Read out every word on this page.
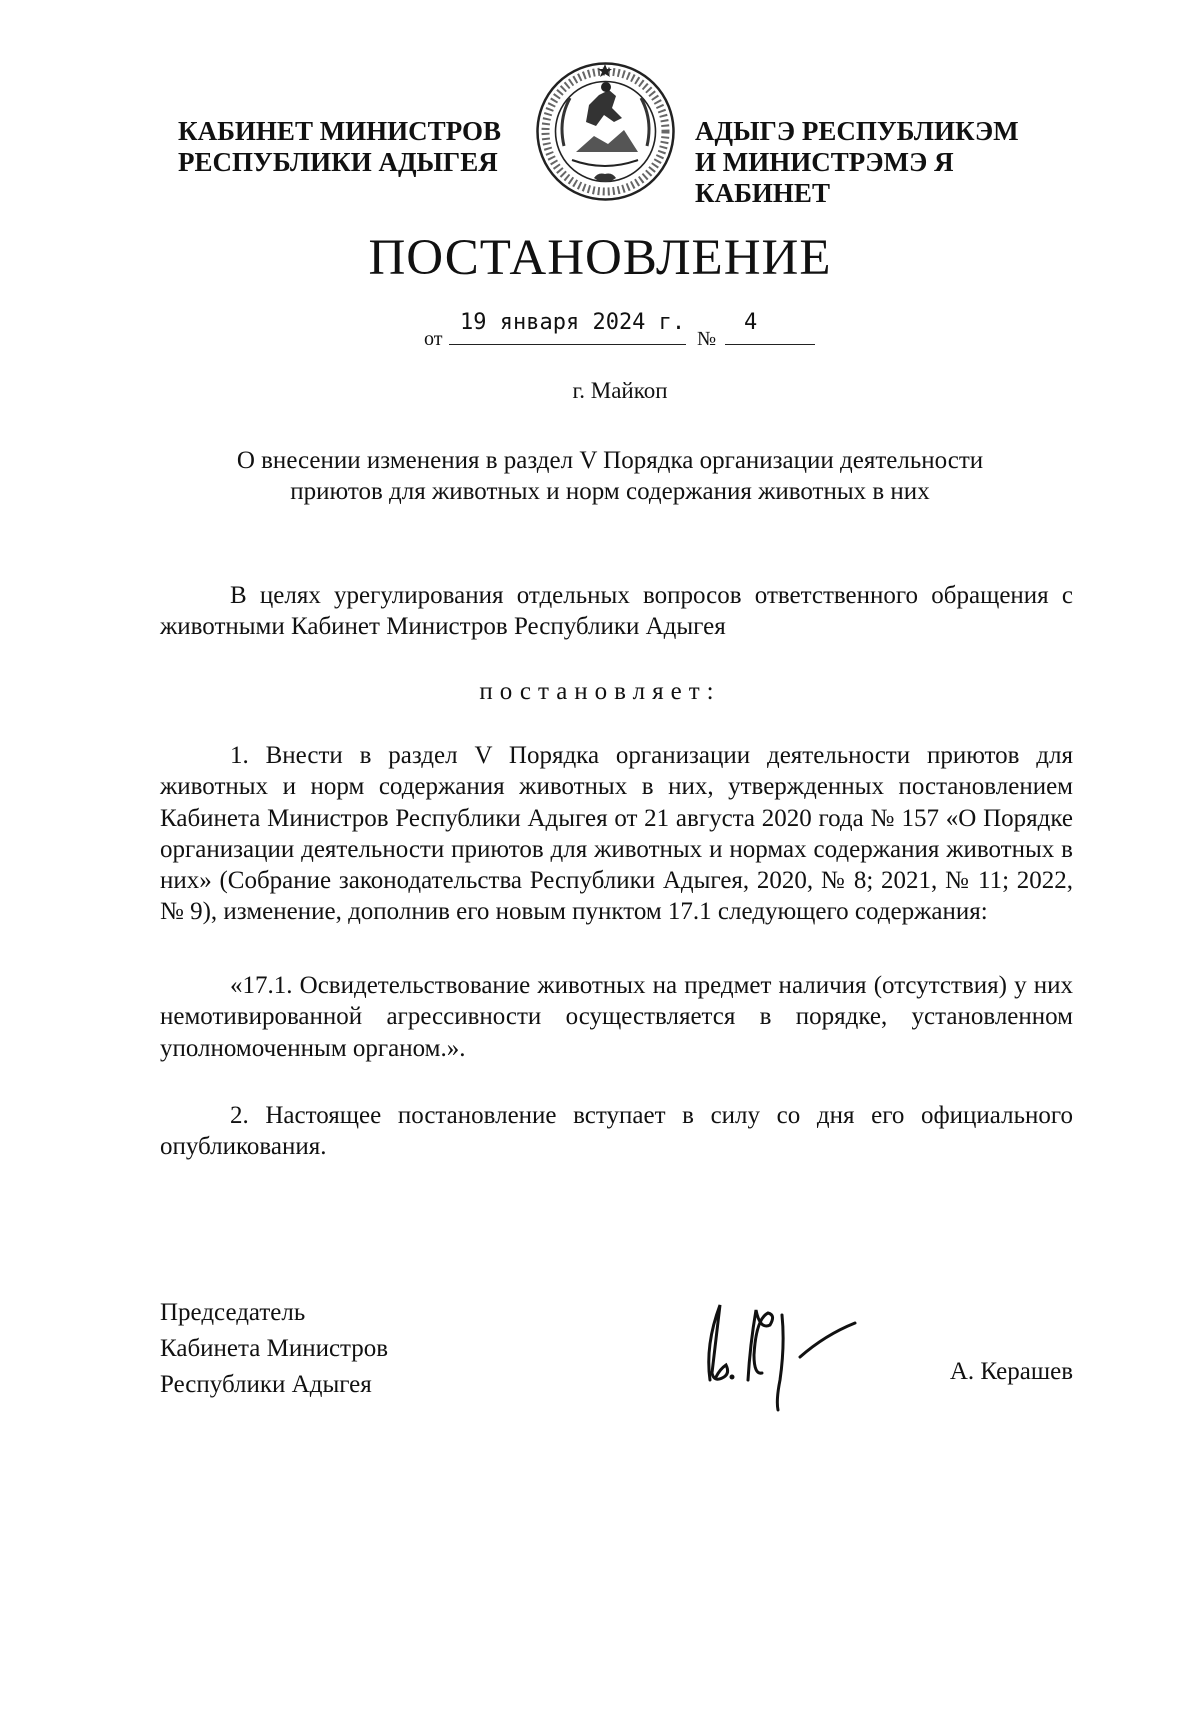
КАБИНЕТ МИНИСТРОВ
РЕСПУБЛИКИ АДЫГЕЯ
АДЫГЭ РЕСПУБЛИКЭМ
И МИНИСТРЭМЭ Я КАБИНЕТ
ПОСТАНОВЛЕНИЕ
от
19 января 2024 г.
№
4
г. Майкоп
О внесении изменения в раздел V Порядка организации деятельности
приютов для животных и норм содержания животных в них
В целях урегулирования отдельных вопросов ответственного обращения с животными Кабинет Министров Республики Адыгея
постановляет:
1. Внести в раздел V Порядка организации деятельности приютов для животных и норм содержания животных в них, утвержденных постановлением Кабинета Министров Республики Адыгея от 21 августа 2020 года № 157 «О Порядке организации деятельности приютов для животных и нормах содержания животных в них» (Собрание законодательства Республики Адыгея, 2020, № 8; 2021, № 11; 2022, № 9), изменение, дополнив его новым пунктом 17.1 следующего содержания:
«17.1. Освидетельствование животных на предмет наличия (отсутствия) у них немотивированной агрессивности осуществляется в порядке, установленном уполномоченным органом.».
2. Настоящее постановление вступает в силу со дня его официального опубликования.
Председатель
Кабинета Министров
Республики Адыгея	А. Керашев
